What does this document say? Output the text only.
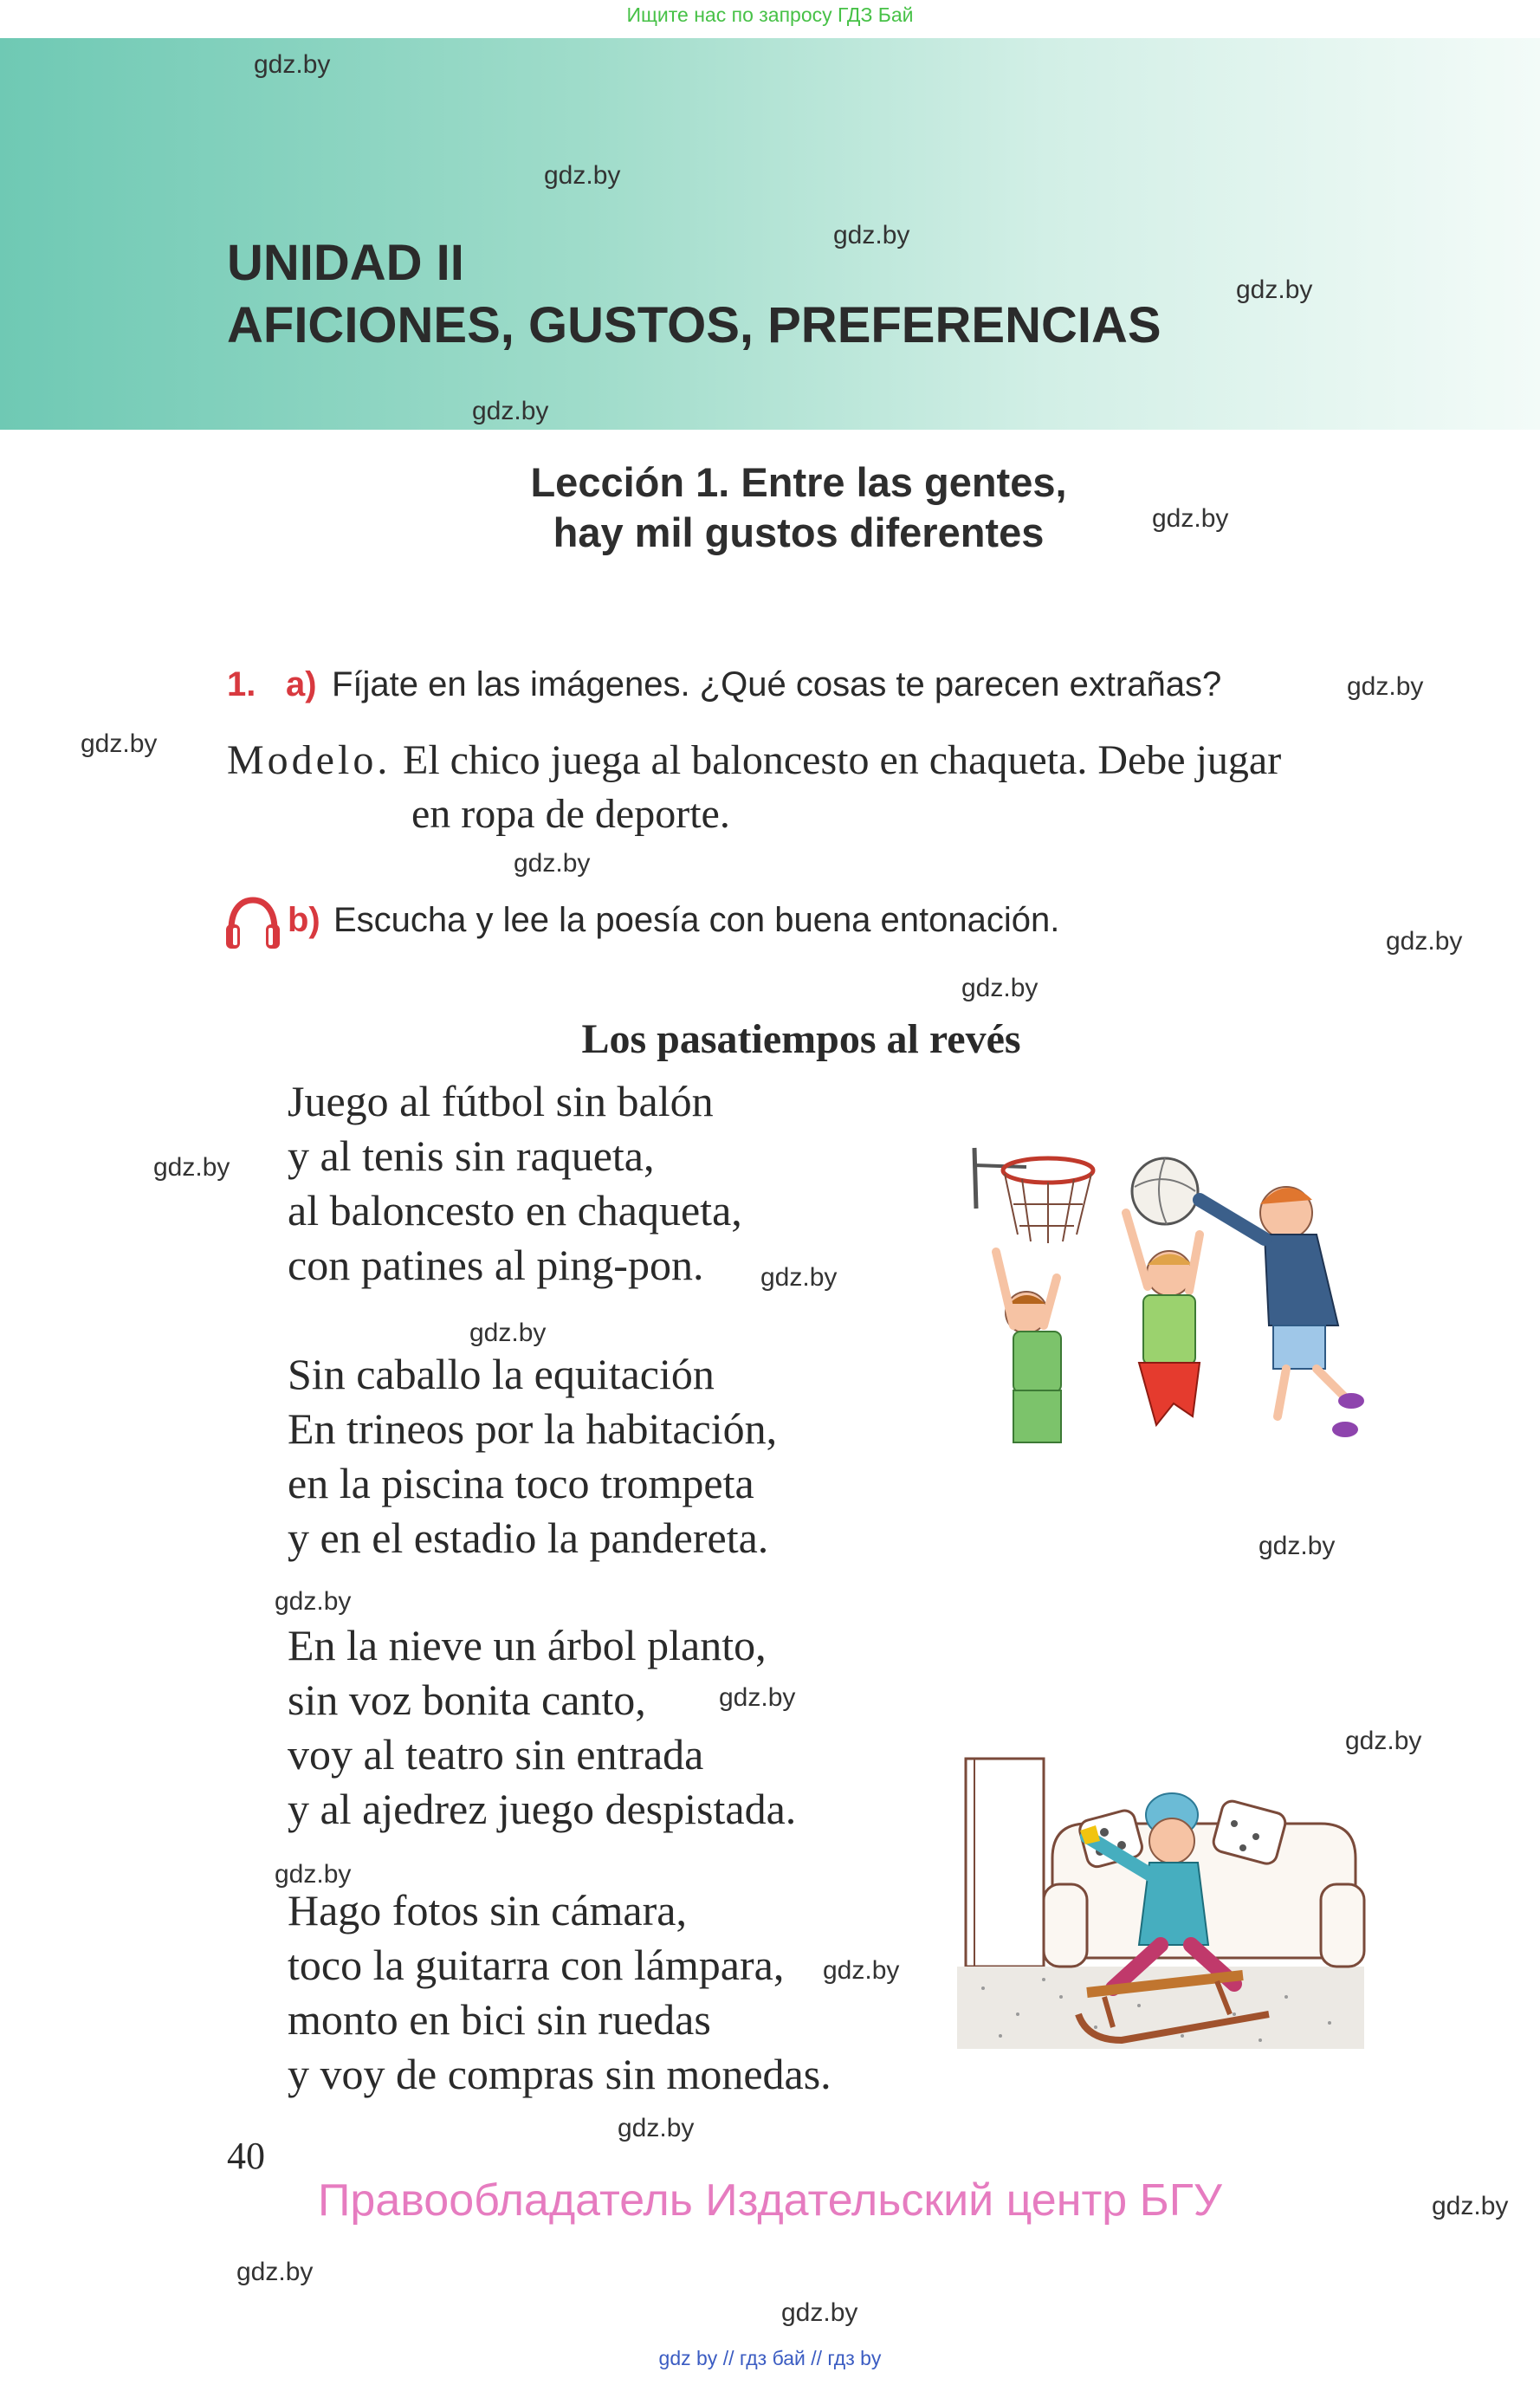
Ищите нас по запросу ГДЗ Бай
UNIDAD II
AFICIONES, GUSTOS, PREFERENCIAS
Lección 1. Entre las gentes,
hay mil gustos diferentes
1. a) Fíjate en las imágenes. ¿Qué cosas te parecen extrañas?
Modelo. El chico juega al baloncesto en chaqueta. Debe jugar
en ropa de deporte.
b) Escucha y lee la poesía con buena entonación.
Los pasatiempos al revés
Juego al fútbol sin balón
y al tenis sin raqueta,
al baloncesto en chaqueta,
con patines al ping-pon.
Sin caballo la equitación
En trineos por la habitación,
en la piscina toco trompeta
y en el estadio la pandereta.
En la nieve un árbol planto,
sin voz bonita canto,
voy al teatro sin entrada
y al ajedrez juego despistada.
Hago fotos sin cámara,
toco la guitarra con lámpara,
monto en bici sin ruedas
y voy de compras sin monedas.
40
Правообладатель Издательский центр БГУ
gdz.by
gdz.by
gdz.by
gdz.by
gdz.by
gdz.by
gdz.by
gdz.by
gdz.by
gdz.by
gdz.by
gdz.by
gdz.by
gdz.by
gdz.by
gdz.by
gdz.by
gdz.by
gdz.by
gdz.by
gdz.by
gdz.by
gdz.by
gdz.by
gdz by // гдз бай // гдз by
